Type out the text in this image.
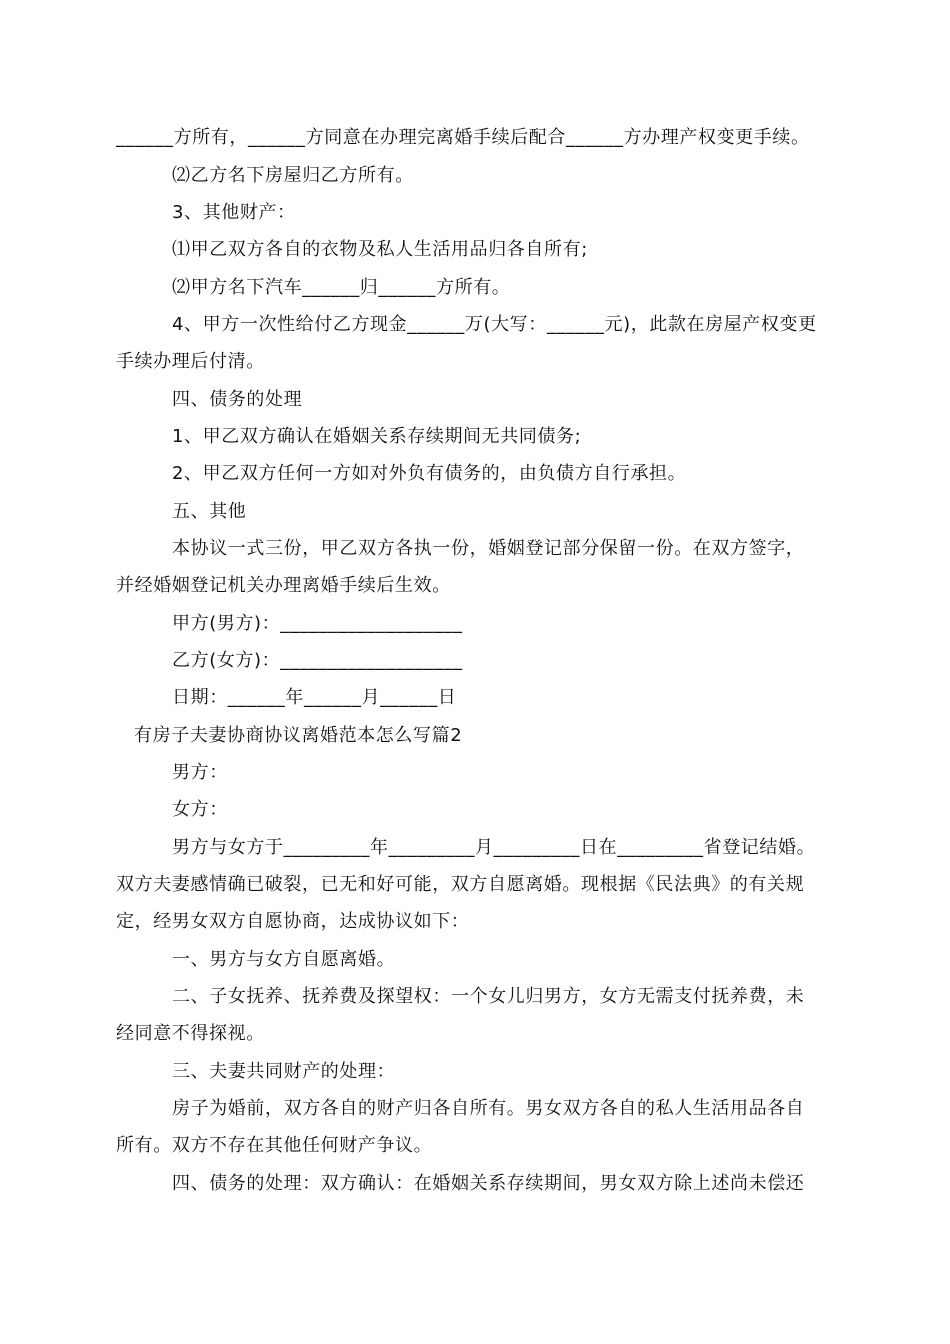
______方所有，______方同意在办理完离婚手续后配合______方办理产权变更手续。
⑵乙方名下房屋归乙方所有。
3、其他财产：
⑴甲乙双方各自的衣物及私人生活用品归各自所有;
⑵甲方名下汽车______归______方所有。
4、甲方一次性给付乙方现金______万(大写：______元)，此款在房屋产权变更
手续办理后付清。
四、债务的处理
1、甲乙双方确认在婚姻关系存续期间无共同债务;
2、甲乙双方任何一方如对外负有债务的，由负债方自行承担。
五、其他
本协议一式三份，甲乙双方各执一份，婚姻登记部分保留一份。在双方签字，
并经婚姻登记机关办理离婚手续后生效。
甲方(男方)：___________________
乙方(女方)：___________________
日期：______年______月______日
有房子夫妻协商协议离婚范本怎么写篇2
男方：
女方：
男方与女方于_________年_________月_________日在_________省登记结婚。
双方夫妻感情确已破裂，已无和好可能，双方自愿离婚。现根据《民法典》的有关规
定，经男女双方自愿协商，达成协议如下：
一、男方与女方自愿离婚。
二、子女抚养、抚养费及探望权：一个女儿归男方，女方无需支付抚养费，未
经同意不得探视。
三、夫妻共同财产的处理：
房子为婚前，双方各自的财产归各自所有。男女双方各自的私人生活用品各自
所有。双方不存在其他任何财产争议。
四、债务的处理：双方确认：在婚姻关系存续期间，男女双方除上述尚未偿还
